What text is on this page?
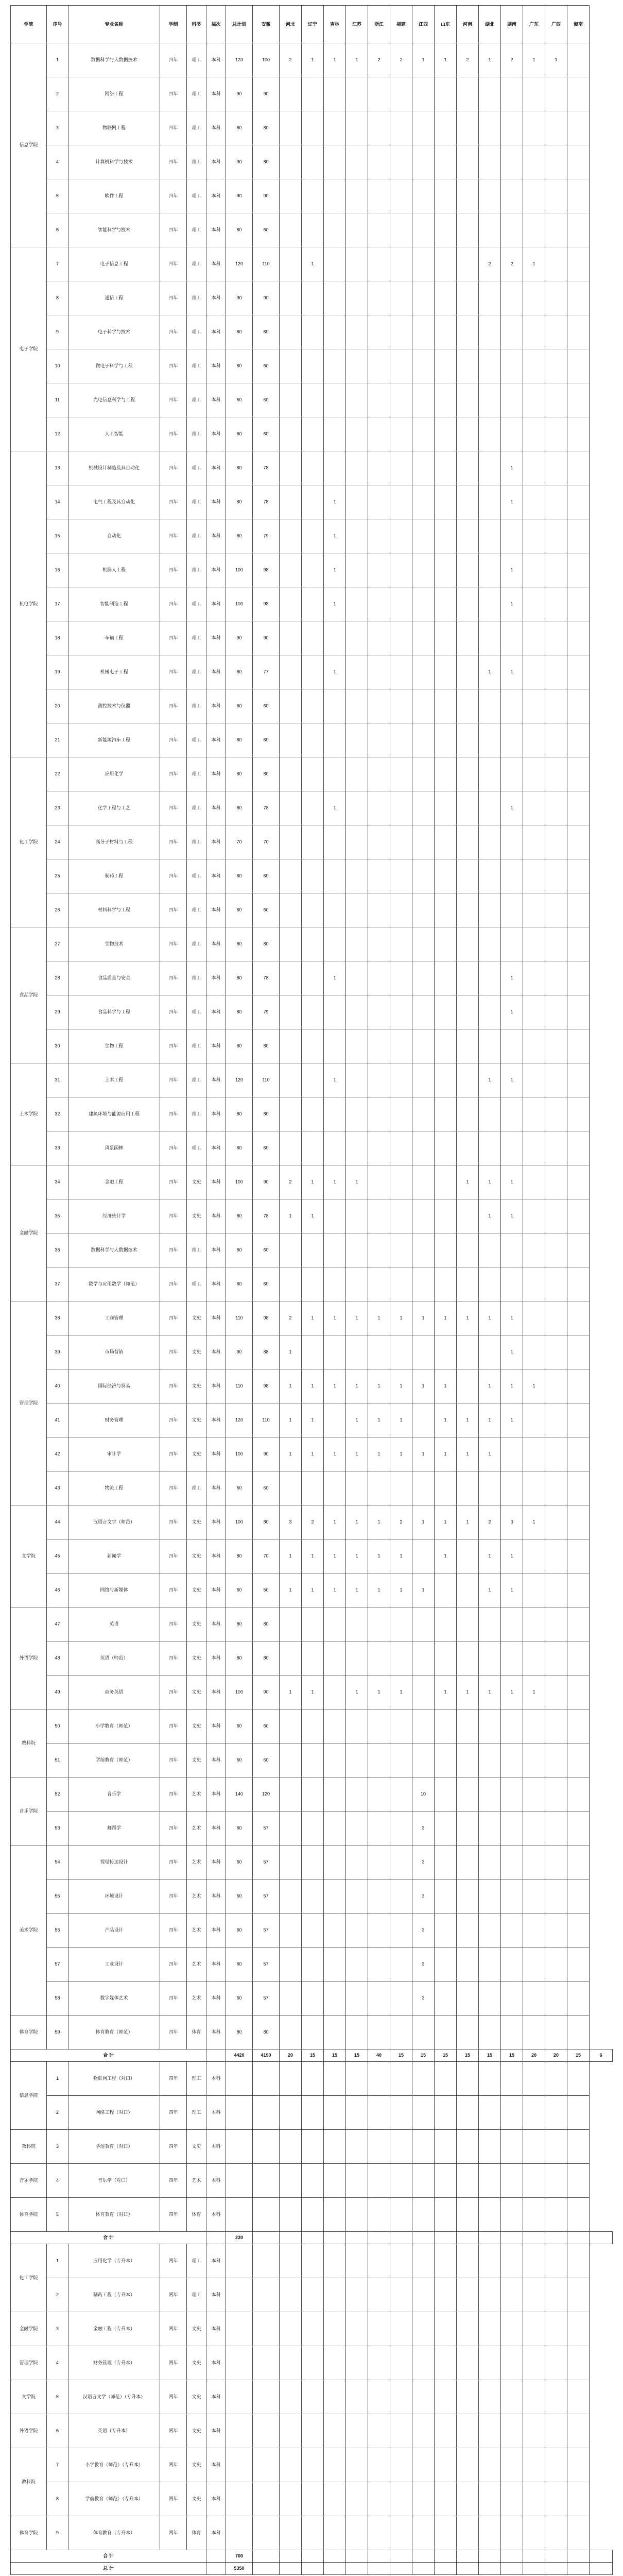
学院	序号	专业名称	学制	科类	层次	总计划	安徽	河北	辽宁	吉林	江苏	浙江	福建	江西	山东	河南	湖北	湖南	广东	广西	海南	
信息学院	1	数据科学与大数据技术	四年	理工	本科	120	100	2	1	1	1	2	2	1	1	2	1	2	1	1		
	2	网络工程	四年	理工	本科	90	90															
	3	物联网工程	四年	理工	本科	80	80															
	4	计算机科学与技术	四年	理工	本科	90	80															
	5	软件工程	四年	理工	本科	90	90															
	6	智能科学与技术	四年	理工	本科	60	60															
电子学院	7	电子信息工程	四年	理工	本科	120	110		1								2	2	1			
	8	通信工程	四年	理工	本科	90	90															
	9	电子科学与技术	四年	理工	本科	60	60															
	10	微电子科学与工程	四年	理工	本科	60	60															
	11	光电信息科学与工程	四年	理工	本科	60	60															
	12	人工智能	四年	理工	本科	60	60															
机电学院	13	机械设计制造及其自动化	四年	理工	本科	80	78											1				
	14	电气工程及其自动化	四年	理工	本科	80	78			1								1				
	15	自动化	四年	理工	本科	80	79			1												
	16	机器人工程	四年	理工	本科	100	98			1								1				
	17	智能制造工程	四年	理工	本科	100	98			1								1				
	18	车辆工程	四年	理工	本科	90	90															
	19	机械电子工程	四年	理工	本科	80	77			1							1	1				
	20	测控技术与仪器	四年	理工	本科	60	60															
	21	新能源汽车工程	四年	理工	本科	60	60															
化工学院	22	应用化学	四年	理工	本科	80	80															
	23	化学工程与工艺	四年	理工	本科	80	78			1								1				
	24	高分子材料与工程	四年	理工	本科	70	70															
	25	制药工程	四年	理工	本科	60	60															
	26	材料科学与工程	四年	理工	本科	60	60															
食品学院	27	生物技术	四年	理工	本科	80	80															
	28	食品质量与安全	四年	理工	本科	80	78			1								1				
	29	食品科学与工程	四年	理工	本科	80	79											1				
	30	生物工程	四年	理工	本科	80	80															
土木学院	31	土木工程	四年	理工	本科	120	110			1							1	1				
	32	建筑环境与能源应用工程	四年	理工	本科	80	80															
	33	风景园林	四年	理工	本科	60	60															
金融学院	34	金融工程	四年	文史	本科	100	90	2	1	1	1					1	1	1				
	35	经济统计学	四年	文史	本科	80	78	1	1								1	1				
	36	数据科学与大数据技术	四年	理工	本科	60	60															
	37	数学与应用数学（师范）	四年	理工	本科	60	60															
管理学院	38	工商管理	四年	文史	本科	110	98	2	1	1	1	1	1	1	1	1	1	1				
	39	市场营销	四年	文史	本科	90	88	1										1				
	40	国际经济与贸易	四年	文史	本科	110	98	1	1	1	1	1	1	1	1		1	1	1			
	41	财务管理	四年	文史	本科	120	110	1	1		1	1	1		1	1	1	1				
	42	审计学	四年	文史	本科	100	90	1	1	1	1	1	1	1	1	1	1					
	43	物流工程	四年	理工	本科	60	60															
文学院	44	汉语言文学（师范）	四年	文史	本科	100	80	3	2	1	1	1	2	1	1	1	2	3	1			
	45	新闻学	四年	文史	本科	80	70	1	1	1	1	1	1		1		1	1				
	46	网络与新媒体	四年	文史	本科	60	50	1	1	1	1	1	1	1			1	1				
外语学院	47	英语	四年	文史	本科	80	80															
	48	英语（师范）	四年	文史	本科	80	80															
	49	商务英语	四年	文史	本科	100	90	1	1		1	1	1		1	1	1	1	1			
教科院	50	小学教育（师范）	四年	文史	本科	60	60															
	51	学前教育（师范）	四年	文史	本科	60	60															
音乐学院	52	音乐学	四年	艺术	本科	140	120							10								
	53	舞蹈学	四年	艺术	本科	60	57							3								
美术学院	54	视觉传达设计	四年	艺术	本科	60	57							3								
	55	环境设计	四年	艺术	本科	60	57							3								
	56	产品设计	四年	艺术	本科	60	57							3								
	57	工业设计	四年	艺术	本科	60	57							3								
	58	数字媒体艺术	四年	艺术	本科	60	57							3								
体育学院	59	体育教育（师范）	四年	体育	本科	80	80															
合 计						4420	4190	20	15	15	15	40	15	15	15	15	15	15	20	20	15	6
信息学院	1	物联网工程（对口）	四年	理工	本科																	
	2	网络工程（对口）	四年	理工	本科																	
教科院	3	学前教育（对口）	四年	文史	本科																	
音乐学院	4	音乐学（对口）	四年	艺术	本科																	
体育学院	5	体育教育（对口）	四年	体育	本科																	
合 计						230																
化工学院	1	应用化学（专升本）	两年	理工	本科																	
	2	制药工程（专升本）	两年	理工	本科																	
金融学院	3	金融工程（专升本）	两年	文史	本科																	
管理学院	4	财务管理（专升本）	两年	文史	本科																	
文学院	5	汉语言文学（师范）（专升本）	两年	文史	本科																	
外语学院	6	英语（专升本）	两年	文史	本科																	
教科院	7	小学教育（师范）（专升本）	两年	文史	本科																	
	8	学前教育（师范）（专升本）	两年	文史	本科																	
体育学院	9	体育教育（专升本）	两年	体育	本科																	
合 计						700																
总 计						5350																
